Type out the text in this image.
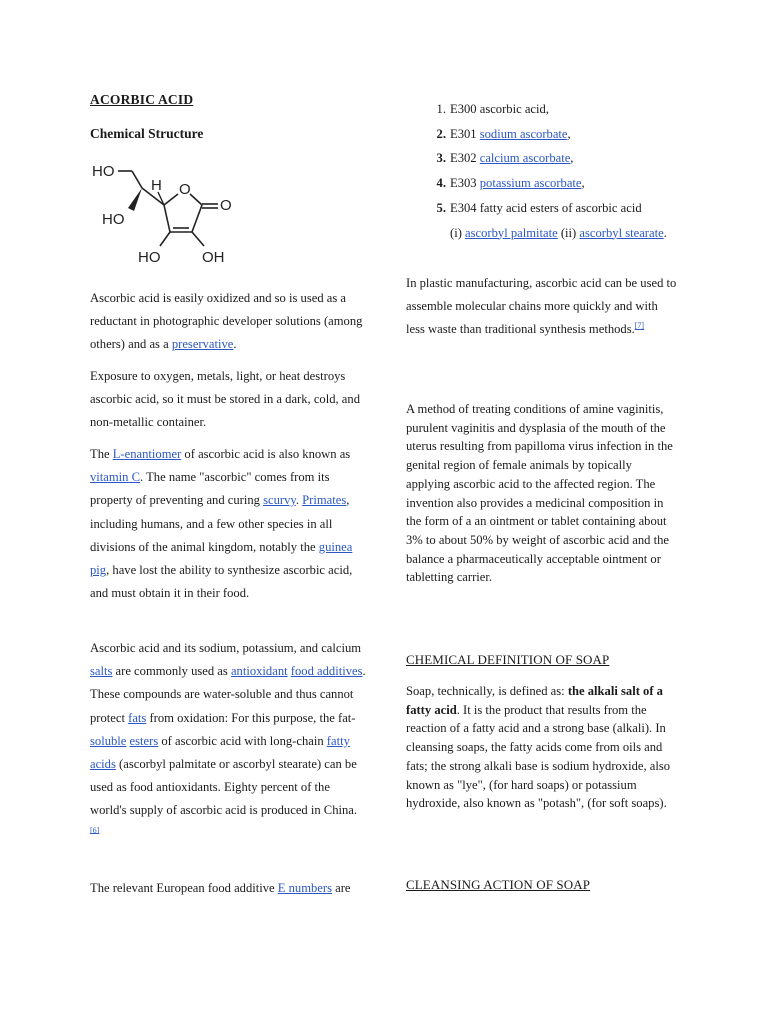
ACORBIC ACID
Chemical Structure
HO
HO
H O
O
HO	OH

Ascorbic acid is easily oxidized and so is used as a reductant in photographic developer solutions (among others) and as a preservative.

Exposure to oxygen, metals, light, or heat destroys ascorbic acid, so it must be stored in a dark, cold, and non-metallic container.

The L-enantiomer of ascorbic acid is also known as vitamin C. The name "ascorbic" comes from its property of preventing and curing scurvy. Primates, including humans, and a few other species in all divisions of the animal kingdom, notably the guinea pig, have lost the ability to synthesize ascorbic acid, and must obtain it in their food.

Ascorbic acid and its sodium, potassium, and calcium salts are commonly used as antioxidant food additives. These compounds are water-soluble and thus cannot protect fats from oxidation: For this purpose, the fat-soluble esters of ascorbic acid with long-chain fatty acids (ascorbyl palmitate or ascorbyl stearate) can be used as food antioxidants. Eighty percent of the world's supply of ascorbic acid is produced in China.[6]

The relevant European food additive E numbers are

1. E300 ascorbic acid,
2. E301 sodium ascorbate,
3. E302 calcium ascorbate,
4. E303 potassium ascorbate,
5. E304 fatty acid esters of ascorbic acid
(i) ascorbyl palmitate (ii) ascorbyl stearate.

In plastic manufacturing, ascorbic acid can be used to assemble molecular chains more quickly and with less waste than traditional synthesis methods.[7]

A method of treating conditions of amine vaginitis, purulent vaginitis and dysplasia of the mouth of the uterus resulting from papilloma virus infection in the genital region of female animals by topically applying ascorbic acid to the affected region. The invention also provides a medicinal composition in the form of a an ointment or tablet containing about 3% to about 50% by weight of ascorbic acid and the balance a pharmaceutically acceptable ointment or tabletting carrier.

CHEMICAL DEFINITION OF SOAP

Soap, technically, is defined as: the alkali salt of a fatty acid. It is the product that results from the reaction of a fatty acid and a strong base (alkali). In cleansing soaps, the fatty acids come from oils and fats; the strong alkali base is sodium hydroxide, also known as "lye", (for hard soaps) or potassium hydroxide, also known as "potash", (for soft soaps).

CLEANSING ACTION OF SOAP
